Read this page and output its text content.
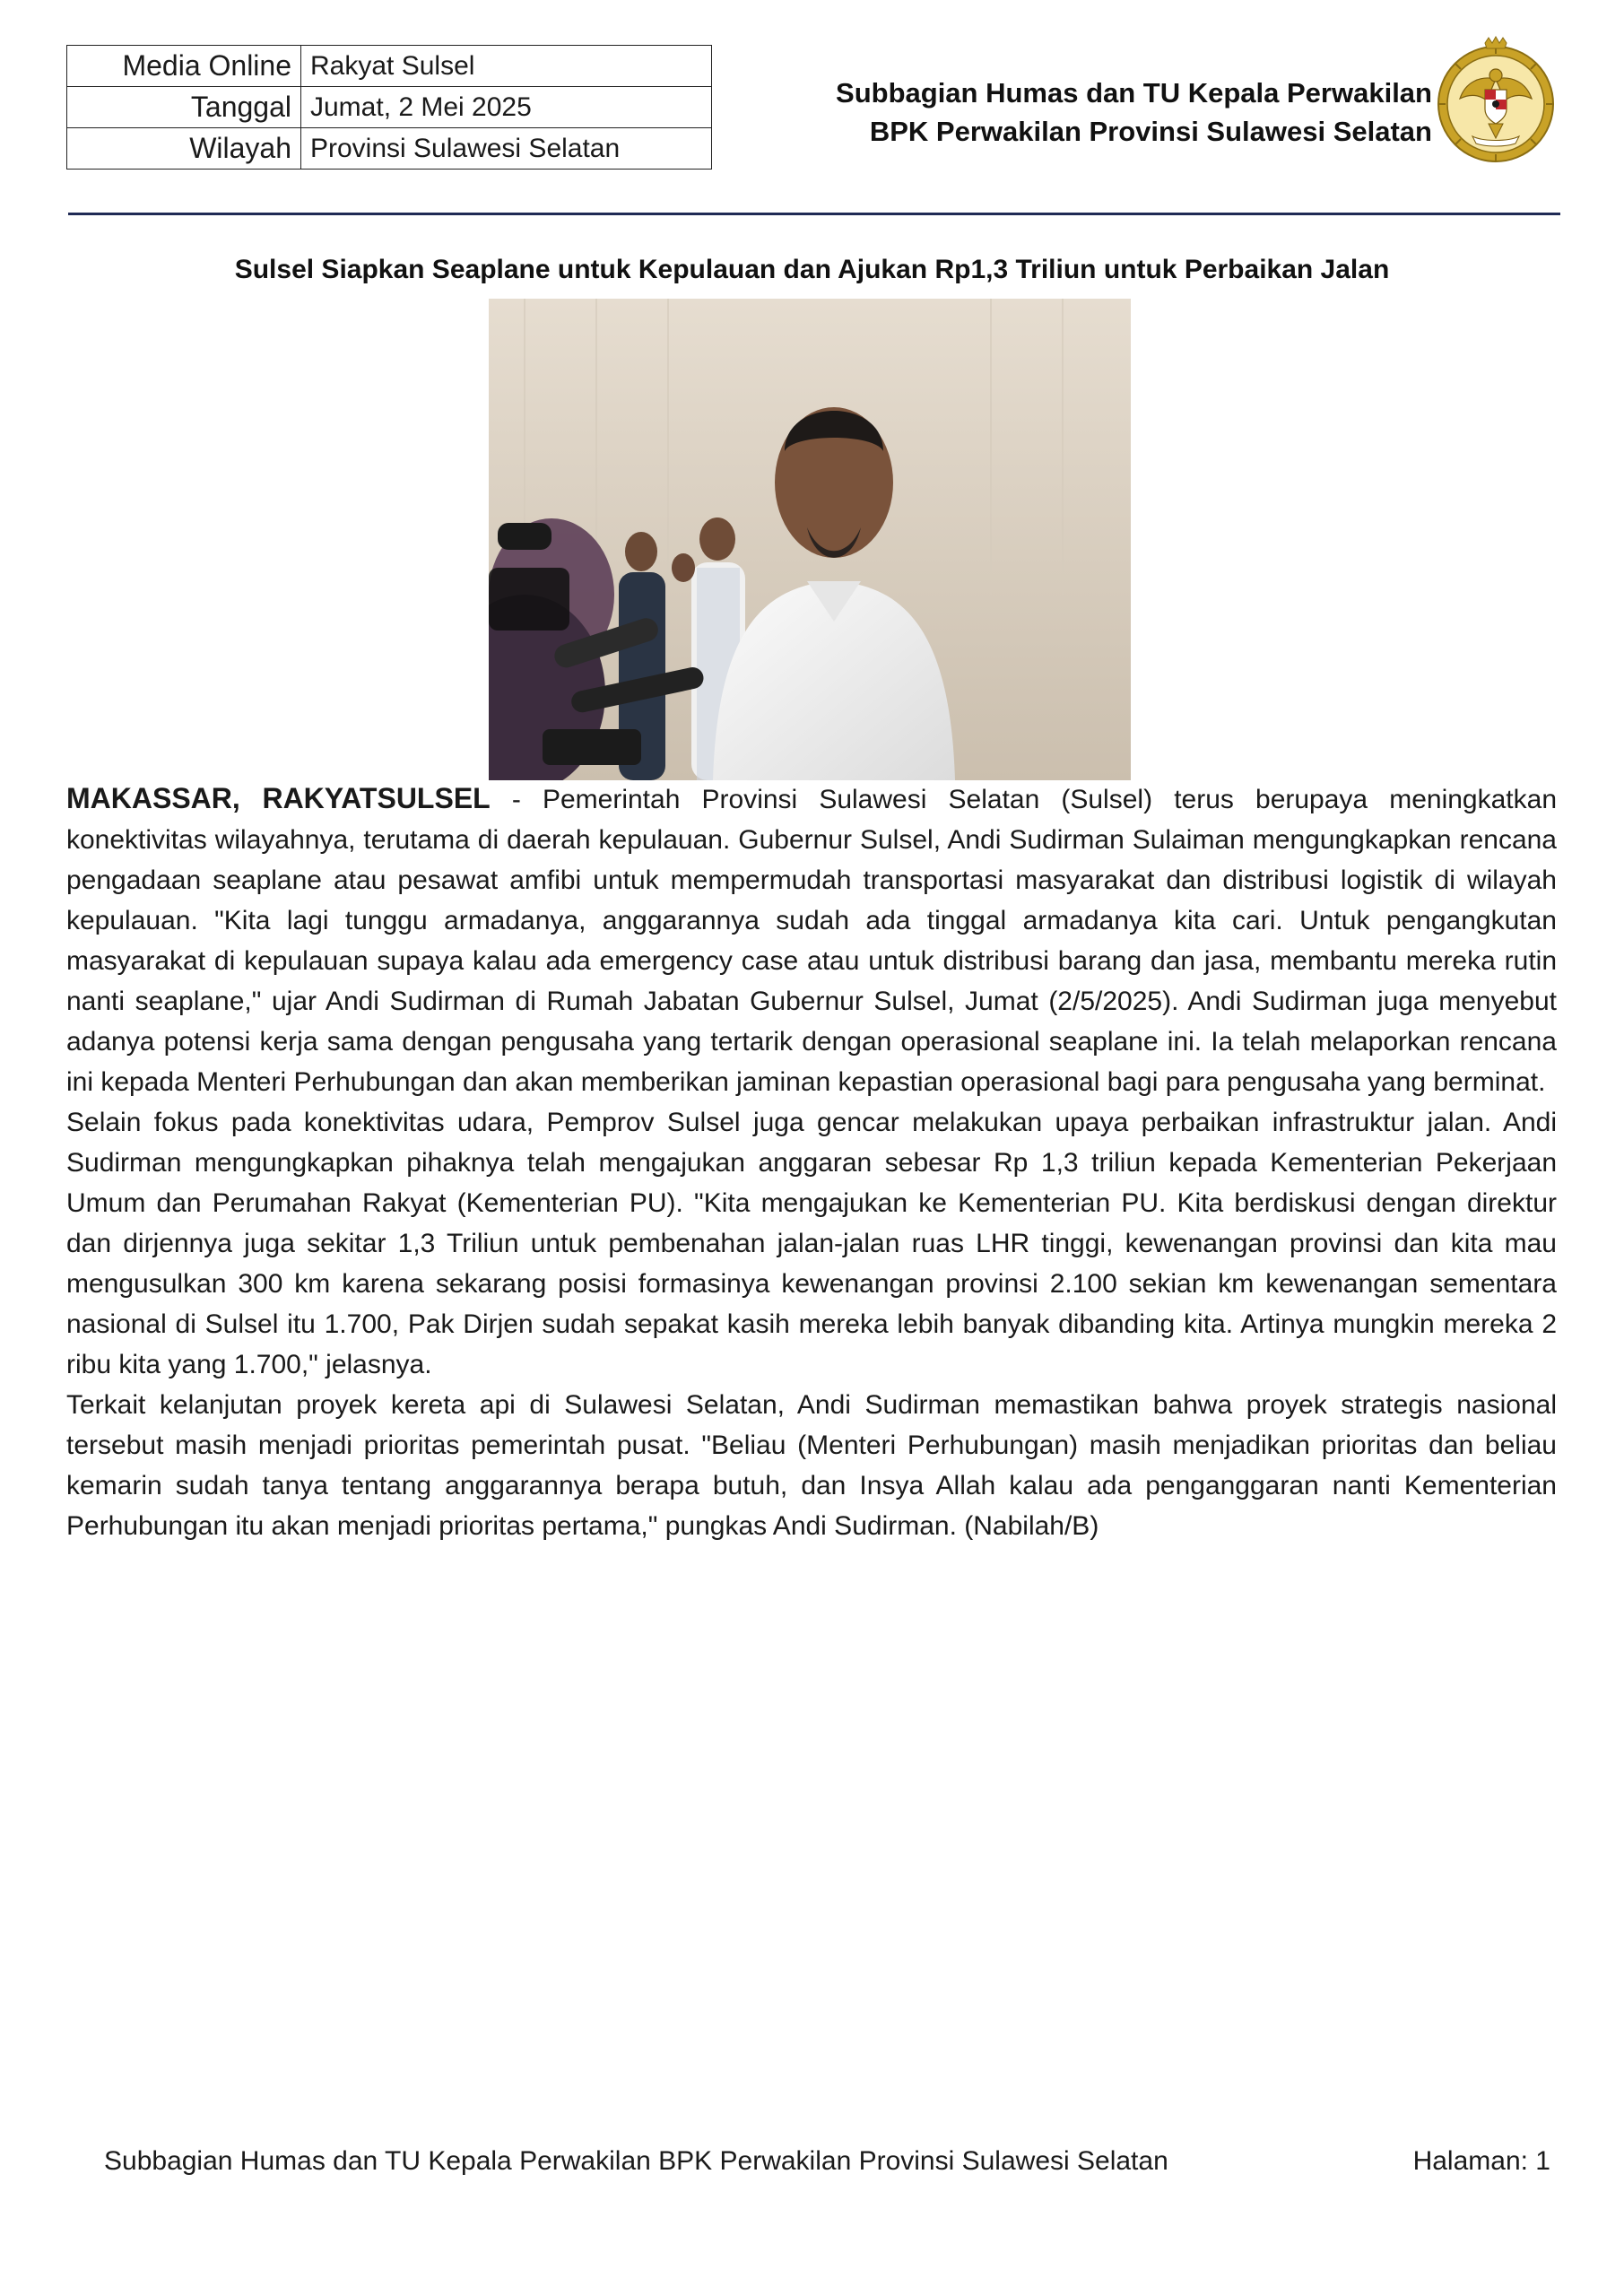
Media Online	Rakyat Sulsel
Tanggal	Jumat, 2 Mei 2025
Wilayah	Provinsi Sulawesi Selatan
Subbagian Humas dan TU Kepala Perwakilan
BPK Perwakilan Provinsi Sulawesi Selatan
Sulsel Siapkan Seaplane untuk Kepulauan dan Ajukan Rp1,3 Triliun untuk Perbaikan Jalan

MAKASSAR, RAKYATSULSEL - Pemerintah Provinsi Sulawesi Selatan (Sulsel) terus berupaya meningkatkan konektivitas wilayahnya, terutama di daerah kepulauan. Gubernur Sulsel, Andi Sudirman Sulaiman mengungkapkan rencana pengadaan seaplane atau pesawat amfibi untuk mempermudah transportasi masyarakat dan distribusi logistik di wilayah kepulauan. "Kita lagi tunggu armadanya, anggarannya sudah ada tinggal armadanya kita cari. Untuk pengangkutan masyarakat di kepulauan supaya kalau ada emergency case atau untuk distribusi barang dan jasa, membantu mereka rutin nanti seaplane," ujar Andi Sudirman di Rumah Jabatan Gubernur Sulsel, Jumat (2/5/2025). Andi Sudirman juga menyebut adanya potensi kerja sama dengan pengusaha yang tertarik dengan operasional seaplane ini. Ia telah melaporkan rencana ini kepada Menteri Perhubungan dan akan memberikan jaminan kepastian operasional bagi para pengusaha yang berminat.

Selain fokus pada konektivitas udara, Pemprov Sulsel juga gencar melakukan upaya perbaikan infrastruktur jalan. Andi Sudirman mengungkapkan pihaknya telah mengajukan anggaran sebesar Rp 1,3 triliun kepada Kementerian Pekerjaan Umum dan Perumahan Rakyat (Kementerian PU). "Kita mengajukan ke Kementerian PU. Kita berdiskusi dengan direktur dan dirjennya juga sekitar 1,3 Triliun untuk pembenahan jalan-jalan ruas LHR tinggi, kewenangan provinsi dan kita mau mengusulkan 300 km karena sekarang posisi formasinya kewenangan provinsi 2.100 sekian km kewenangan sementara nasional di Sulsel itu 1.700, Pak Dirjen sudah sepakat kasih mereka lebih banyak dibanding kita. Artinya mungkin mereka 2 ribu kita yang 1.700," jelasnya.

Terkait kelanjutan proyek kereta api di Sulawesi Selatan, Andi Sudirman memastikan bahwa proyek strategis nasional tersebut masih menjadi prioritas pemerintah pusat. "Beliau (Menteri Perhubungan) masih menjadikan prioritas dan beliau kemarin sudah tanya tentang anggarannya berapa butuh, dan Insya Allah kalau ada penganggaran nanti Kementerian Perhubungan itu akan menjadi prioritas pertama," pungkas Andi Sudirman. (Nabilah/B)

Subbagian Humas dan TU Kepala Perwakilan BPK Perwakilan Provinsi Sulawesi Selatan	Halaman: 1
